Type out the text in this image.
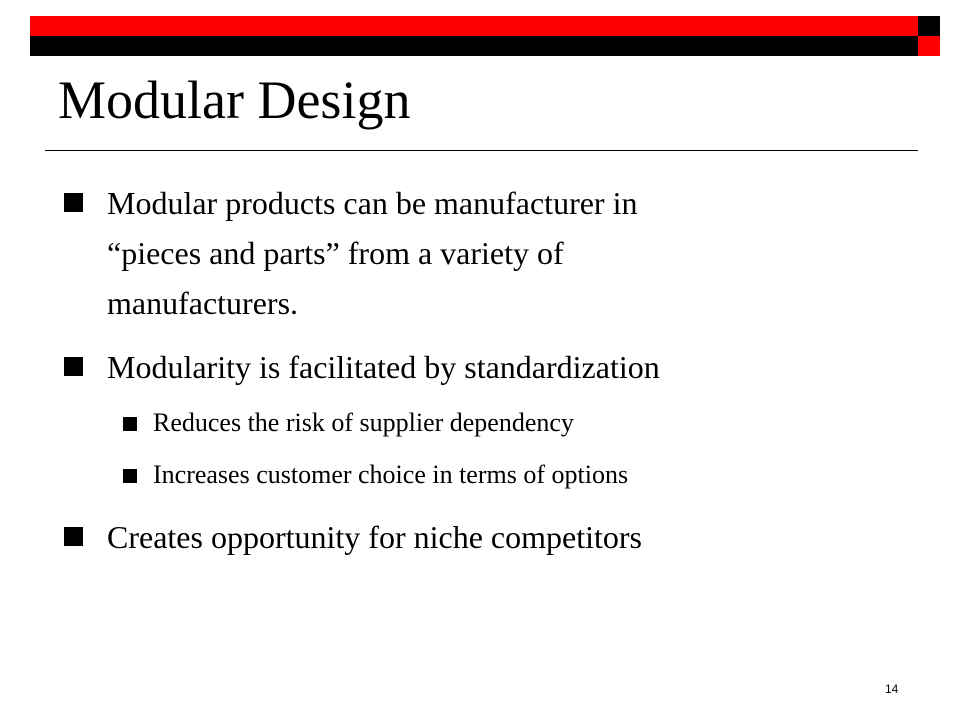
Modular Design
Modular products can be manufacturer in
“pieces and parts” from a variety of
manufacturers.
Modularity is facilitated by standardization
Reduces the risk of supplier dependency
Increases customer choice in terms of options
Creates opportunity for niche competitors
14
